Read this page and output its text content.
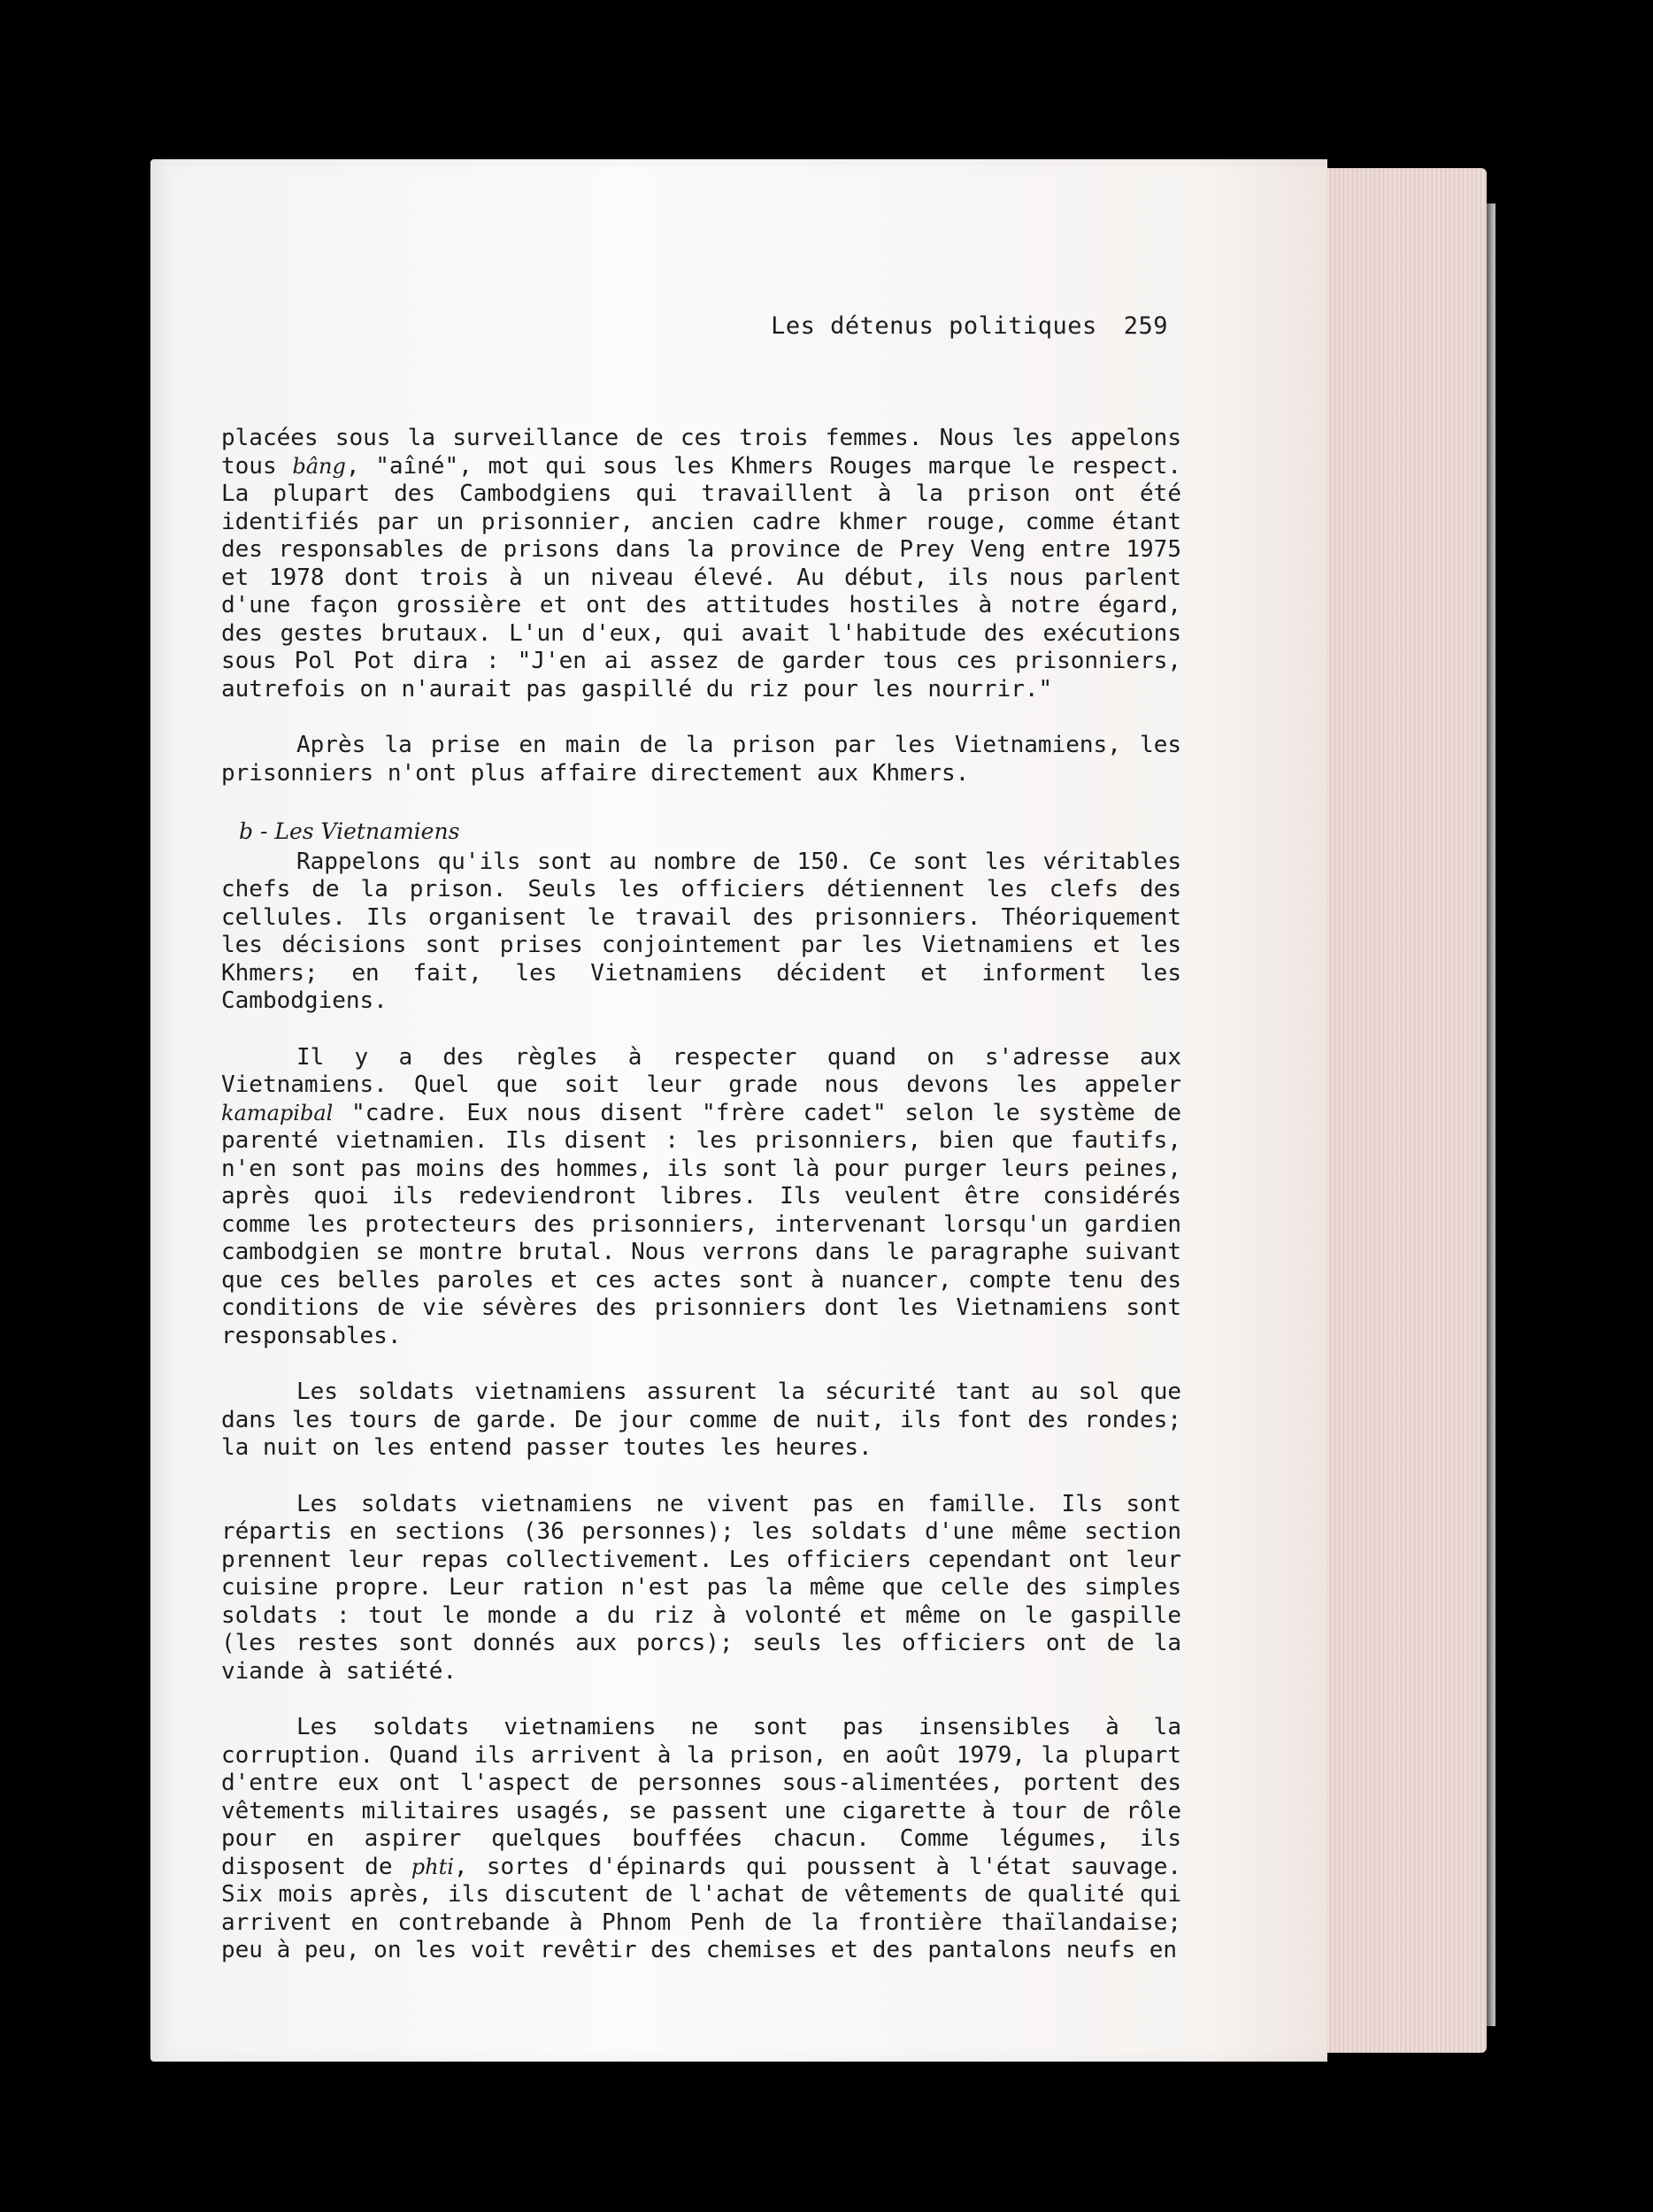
Les détenus politiques 259

placées sous la surveillance de ces trois femmes. Nous les appelons tous bâng, "aîné", mot qui sous les Khmers Rouges marque le respect. La plupart des Cambodgiens qui travaillent à la prison ont été identifiés par un prisonnier, ancien cadre khmer rouge, comme étant des responsables de prisons dans la province de Prey Veng entre 1975 et 1978 dont trois à un niveau élevé. Au début, ils nous parlent d'une façon grossière et ont des attitudes hostiles à notre égard, des gestes brutaux. L'un d'eux, qui avait l'habitude des exécutions sous Pol Pot dira : "J'en ai assez de garder tous ces prisonniers, autrefois on n'aurait pas gaspillé du riz pour les nourrir."

Après la prise en main de la prison par les Vietnamiens, les prisonniers n'ont plus affaire directement aux Khmers.

b - Les Vietnamiens

Rappelons qu'ils sont au nombre de 150. Ce sont les véritables chefs de la prison. Seuls les officiers détiennent les clefs des cellules. Ils organisent le travail des prisonniers. Théoriquement les décisions sont prises conjointement par les Vietnamiens et les Khmers; en fait, les Vietnamiens décident et informent les Cambodgiens.

Il y a des règles à respecter quand on s'adresse aux Vietnamiens. Quel que soit leur grade nous devons les appeler kamapibal "cadre. Eux nous disent "frère cadet" selon le système de parenté vietnamien. Ils disent : les prisonniers, bien que fautifs, n'en sont pas moins des hommes, ils sont là pour purger leurs peines, après quoi ils redeviendront libres. Ils veulent être considérés comme les protecteurs des prisonniers, intervenant lorsqu'un gardien cambodgien se montre brutal. Nous verrons dans le paragraphe suivant que ces belles paroles et ces actes sont à nuancer, compte tenu des conditions de vie sévères des prisonniers dont les Vietnamiens sont responsables.

Les soldats vietnamiens assurent la sécurité tant au sol que dans les tours de garde. De jour comme de nuit, ils font des rondes; la nuit on les entend passer toutes les heures.

Les soldats vietnamiens ne vivent pas en famille. Ils sont répartis en sections (36 personnes); les soldats d'une même section prennent leur repas collectivement. Les officiers cependant ont leur cuisine propre. Leur ration n'est pas la même que celle des simples soldats : tout le monde a du riz à volonté et même on le gaspille (les restes sont donnés aux porcs); seuls les officiers ont de la viande à satiété.

Les soldats vietnamiens ne sont pas insensibles à la corruption. Quand ils arrivent à la prison, en août 1979, la plupart d'entre eux ont l'aspect de personnes sous-alimentées, portent des vêtements militaires usagés, se passent une cigarette à tour de rôle pour en aspirer quelques bouffées chacun. Comme légumes, ils disposent de phti, sortes d'épinards qui poussent à l'état sauvage. Six mois après, ils discutent de l'achat de vêtements de qualité qui arrivent en contrebande à Phnom Penh de la frontière thaïlandaise; peu à peu, on les voit revêtir des chemises et des pantalons neufs en
